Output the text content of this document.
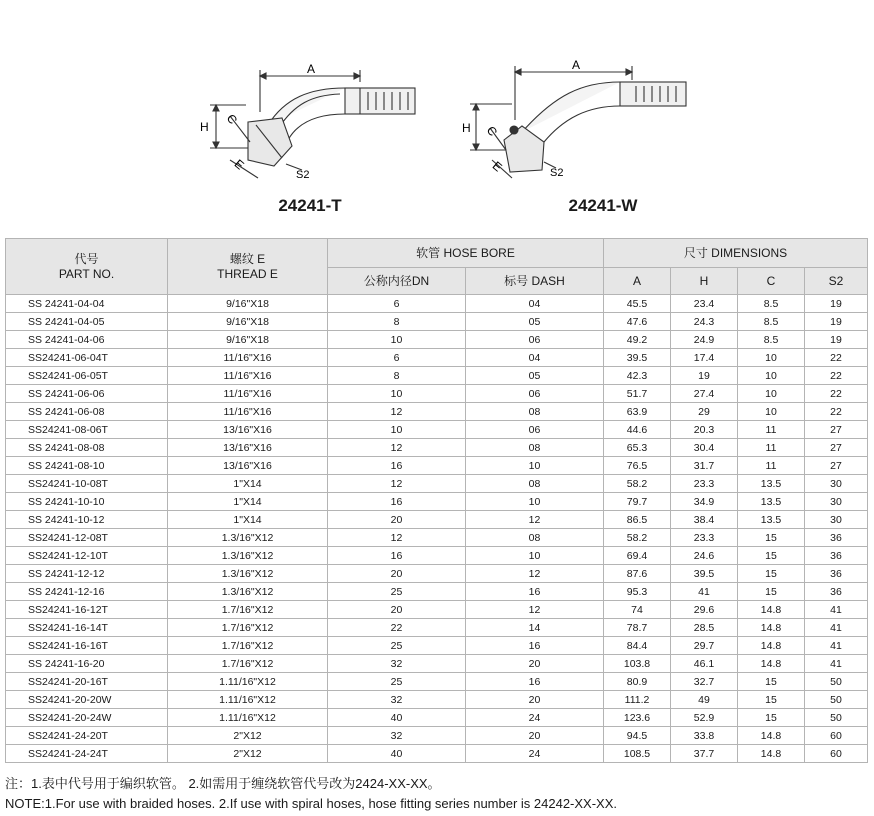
A
H
C
E
S2
24241-T
A
H C
E	S2
24241-W
代号
PART NO.	螺纹 E
THREAD E	软管 HOSE BORE		尺寸 DIMENSIONS			
		公称内径DN	标号 DASH	A	H	C	S2
SS 24241-04-04	9/16"X18	6	04	45.5	23.4	8.5	19
SS 24241-04-05	9/16"X18	8	05	47.6	24.3	8.5	19
SS 24241-04-06	9/16"X18	10	06	49.2	24.9	8.5	19
SS24241-06-04T	11/16"X16	6	04	39.5	17.4	10	22
SS24241-06-05T	11/16"X16	8	05	42.3	19	10	22
SS 24241-06-06	11/16"X16	10	06	51.7	27.4	10	22
SS 24241-06-08	11/16"X16	12	08	63.9	29	10	22
SS24241-08-06T	13/16"X16	10	06	44.6	20.3	11	27
SS 24241-08-08	13/16"X16	12	08	65.3	30.4	11	27
SS 24241-08-10	13/16"X16	16	10	76.5	31.7	11	27
SS24241-10-08T	1"X14	12	08	58.2	23.3	13.5	30
SS 24241-10-10	1"X14	16	10	79.7	34.9	13.5	30
SS 24241-10-12	1"X14	20	12	86.5	38.4	13.5	30
SS24241-12-08T	1.3/16"X12	12	08	58.2	23.3	15	36
SS24241-12-10T	1.3/16"X12	16	10	69.4	24.6	15	36
SS 24241-12-12	1.3/16"X12	20	12	87.6	39.5	15	36
SS 24241-12-16	1.3/16"X12	25	16	95.3	41	15	36
SS24241-16-12T	1.7/16"X12	20	12	74	29.6	14.8	41
SS24241-16-14T	1.7/16"X12	22	14	78.7	28.5	14.8	41
SS24241-16-16T	1.7/16"X12	25	16	84.4	29.7	14.8	41
SS 24241-16-20	1.7/16"X12	32	20	103.8	46.1	14.8	41
SS24241-20-16T	1.11/16"X12	25	16	80.9	32.7	15	50
SS24241-20-20W	1.11/16"X12	32	20	111.2	49	15	50
SS24241-20-24W	1.11/16"X12	40	24	123.6	52.9	15	50
SS24241-24-20T	2"X12	32	20	94.5	33.8	14.8	60
SS24241-24-24T	2"X12	40	24	108.5	37.7	14.8	60
注：1.表中代号用于编织软管。 2.如需用于缠绕软管代号改为2424-XX-XX。
NOTE:1.For use with braided hoses. 2.If use with spiral hoses, hose fitting series number is 24242-XX-XX.
